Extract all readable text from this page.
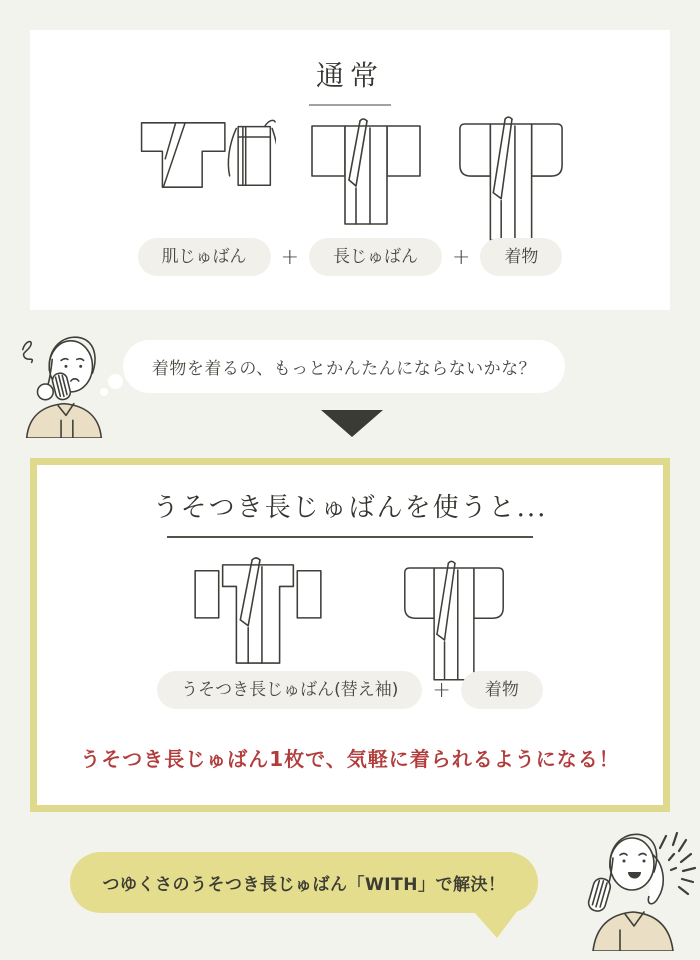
通常
肌じゅばん	+	長じゅばん	+	着物
着物を着るの、もっとかんたんにならないかな？
うそつき長じゅばんを使うと...
うそつき長じゅばん(替え袖)	+	着物
うそつき長じゅばん1枚で、気軽に着られるようになる！
つゆくさのうそつき長じゅばん「WITH」で解決！
